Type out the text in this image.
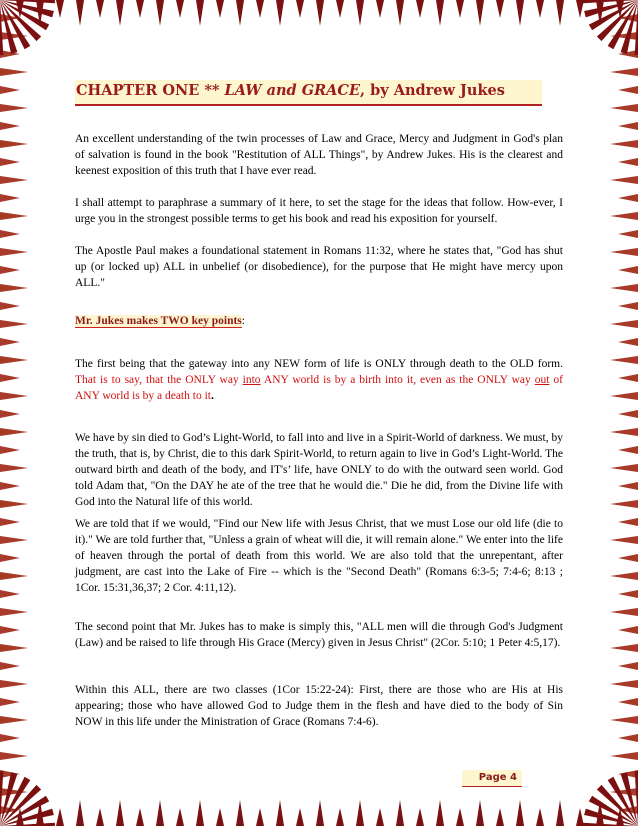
CHAPTER ONE ** LAW and GRACE, by Andrew Jukes

An excellent understanding of the twin processes of Law and Grace, Mercy and Judgment in God's plan of salvation is found in the book "Restitution of ALL Things", by Andrew Jukes. His is the clearest and keenest exposition of this truth that I have ever read.

I shall attempt to paraphrase a summary of it here, to set the stage for the ideas that follow. How-ever, I urge you in the strongest possible terms to get his book and read his exposition for yourself.

The Apostle Paul makes a foundational statement in Romans 11:32, where he states that, "God has shut up (or locked up) ALL in unbelief (or disobedience), for the purpose that He might have mercy upon ALL."

Mr. Jukes makes TWO key points:

The first being that the gateway into any NEW form of life is ONLY through death to the OLD form. That is to say, that the ONLY way into ANY world is by a birth into it, even as the ONLY way out of ANY world is by a death to it.

We have by sin died to God’s Light-World, to fall into and live in a Spirit-World of darkness. We must, by the truth, that is, by Christ, die to this dark Spirit-World, to return again to live in God’s Light-World. The outward birth and death of the body, and IT's’ life, have ONLY to do with the outward seen world. God told Adam that, "On the DAY he ate of the tree that he would die." Die he did, from the Divine life with God into the Natural life of this world.

We are told that if we would, "Find our New life with Jesus Christ, that we must Lose our old life (die to it)." We are told further that, "Unless a grain of wheat will die, it will remain alone." We enter into the life of heaven through the portal of death from this world. We are also told that the unrepentant, after judgment, are cast into the Lake of Fire -- which is the "Second Death" (Romans 6:3-5; 7:4-6; 8:13 ; 1Cor. 15:31,36,37; 2 Cor. 4:11,12).

The second point that Mr. Jukes has to make is simply this, "ALL men will die through God's Judgment (Law) and be raised to life through His Grace (Mercy) given in Jesus Christ" (2Cor. 5:10; 1 Peter 4:5,17).

Within this ALL, there are two classes (1Cor 15:22-24): First, there are those who are His at His appearing; those who have allowed God to Judge them in the flesh and have died to the body of Sin NOW in this life under the Ministration of Grace (Romans 7:4-6).

Page 4
